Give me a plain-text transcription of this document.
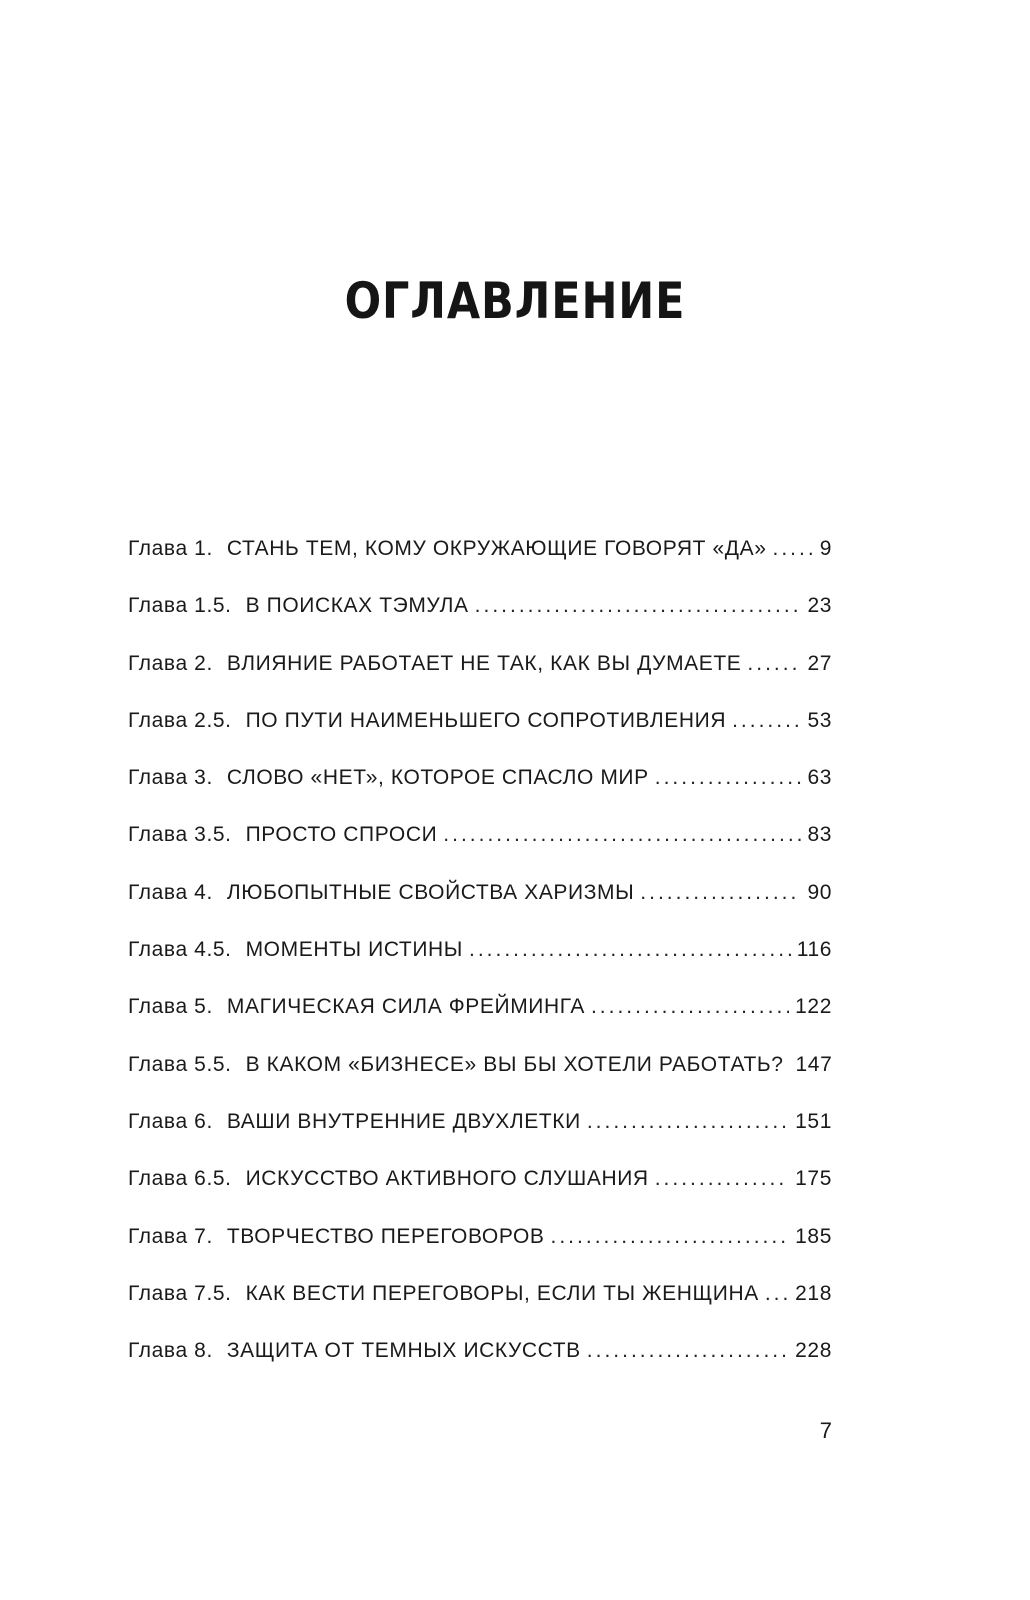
ОГЛАВЛЕНИЕ
Глава 1. СТАНЬ ТЕМ, КОМУ ОКРУЖАЮЩИЕ ГОВОРЯТ «ДА» .....	9
Глава 1.5. В ПОИСКАХ ТЭМУЛА .....	23
Глава 2. ВЛИЯНИЕ РАБОТАЕТ НЕ ТАК, КАК ВЫ ДУМАЕТЕ .....	27
Глава 2.5. ПО ПУТИ НАИМЕНЬШЕГО СОПРОТИВЛЕНИЯ .....	53
Глава 3. СЛОВО «НЕТ», КОТОРОЕ СПАСЛО МИР .....	63
Глава 3.5. ПРОСТО СПРОСИ .....	83
Глава 4. ЛЮБОПЫТНЫЕ СВОЙСТВА ХАРИЗМЫ .....	90
Глава 4.5. МОМЕНТЫ ИСТИНЫ .....	116
Глава 5. МАГИЧЕСКАЯ СИЛА ФРЕЙМИНГА .....	122
Глава 5.5. В КАКОМ «БИЗНЕСЕ» ВЫ БЫ ХОТЕЛИ РАБОТАТЬ? 147
Глава 6. ВАШИ ВНУТРЕННИЕ ДВУХЛЕТКИ .....	151
Глава 6.5. ИСКУССТВО АКТИВНОГО СЛУШАНИЯ .....	175
Глава 7. ТВОРЧЕСТВО ПЕРЕГОВОРОВ .....	185
Глава 7.5. КАК ВЕСТИ ПЕРЕГОВОРЫ, ЕСЛИ ТЫ ЖЕНЩИНА ..... 218
Глава 8. ЗАЩИТА ОТ ТЕМНЫХ ИСКУССТВ .....	228
7
